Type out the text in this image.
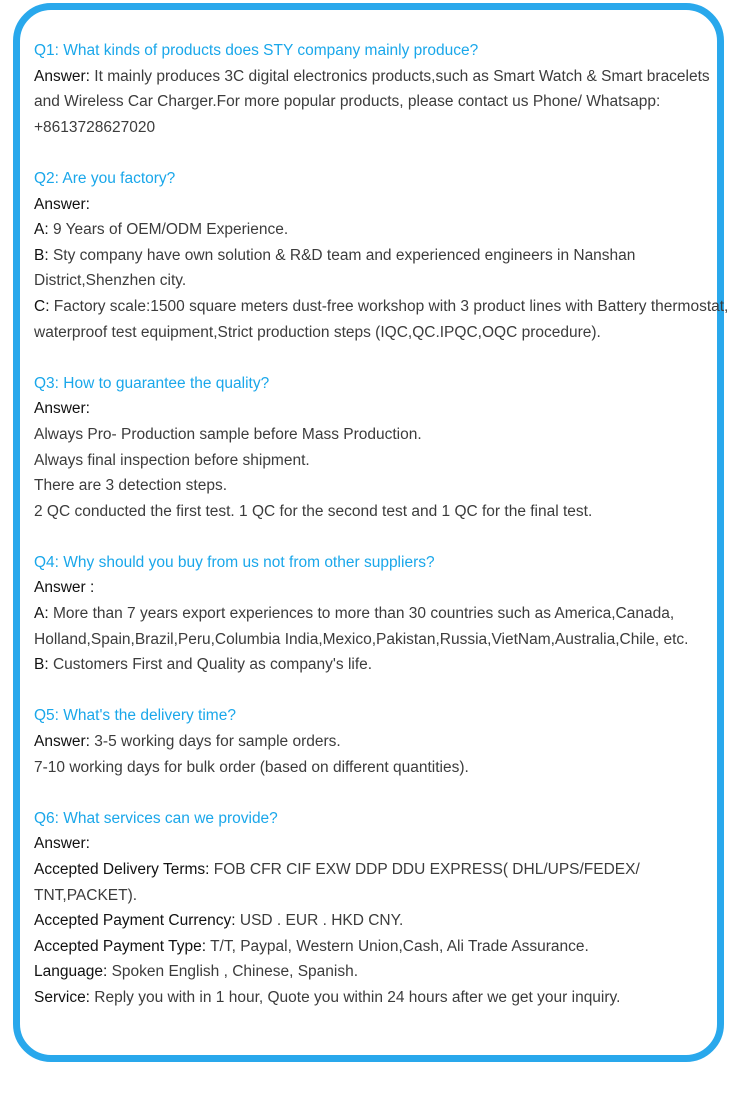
Q1: What kinds of products does STY company mainly produce?
Answer: It mainly produces 3C digital electronics products,such as Smart Watch & Smart bracelets and Wireless Car Charger.For more popular products, please contact us Phone/ Whatsapp: +8613728627020
Q2: Are you factory?
Answer:
A: 9 Years of OEM/ODM Experience.
B: Sty company have own solution & R&D team and experienced engineers in Nanshan District,Shenzhen city.
C: Factory scale:1500 square meters dust-free workshop with 3 product lines with Battery thermostat, waterproof test equipment,Strict production steps (IQC,QC.IPQC,OQC procedure).
Q3: How to guarantee the quality?
Answer:
Always Pro- Production sample before Mass Production.
Always final inspection before shipment.
There are 3 detection steps.
2 QC conducted the first test. 1 QC for the second test and 1 QC for the final test.
Q4: Why should you buy from us not from other suppliers?
Answer :
A: More than 7 years export experiences to more than 30 countries such as America,Canada, Holland,Spain,Brazil,Peru,Columbia India,Mexico,Pakistan,Russia,VietNam,Australia,Chile, etc.
B: Customers First and Quality as company's life.
Q5: What's the delivery time?
Answer: 3-5 working days for sample orders.
7-10 working days for bulk order (based on different quantities).
Q6: What services can we provide?
Answer:
Accepted Delivery Terms: FOB CFR CIF EXW DDP DDU EXPRESS( DHL/UPS/FEDEX/ TNT,PACKET).
Accepted Payment Currency: USD . EUR . HKD CNY.
Accepted Payment Type: T/T, Paypal, Western Union,Cash, Ali Trade Assurance.
Language: Spoken English , Chinese, Spanish.
Service: Reply you with in 1 hour, Quote you within 24 hours after we get your inquiry.
